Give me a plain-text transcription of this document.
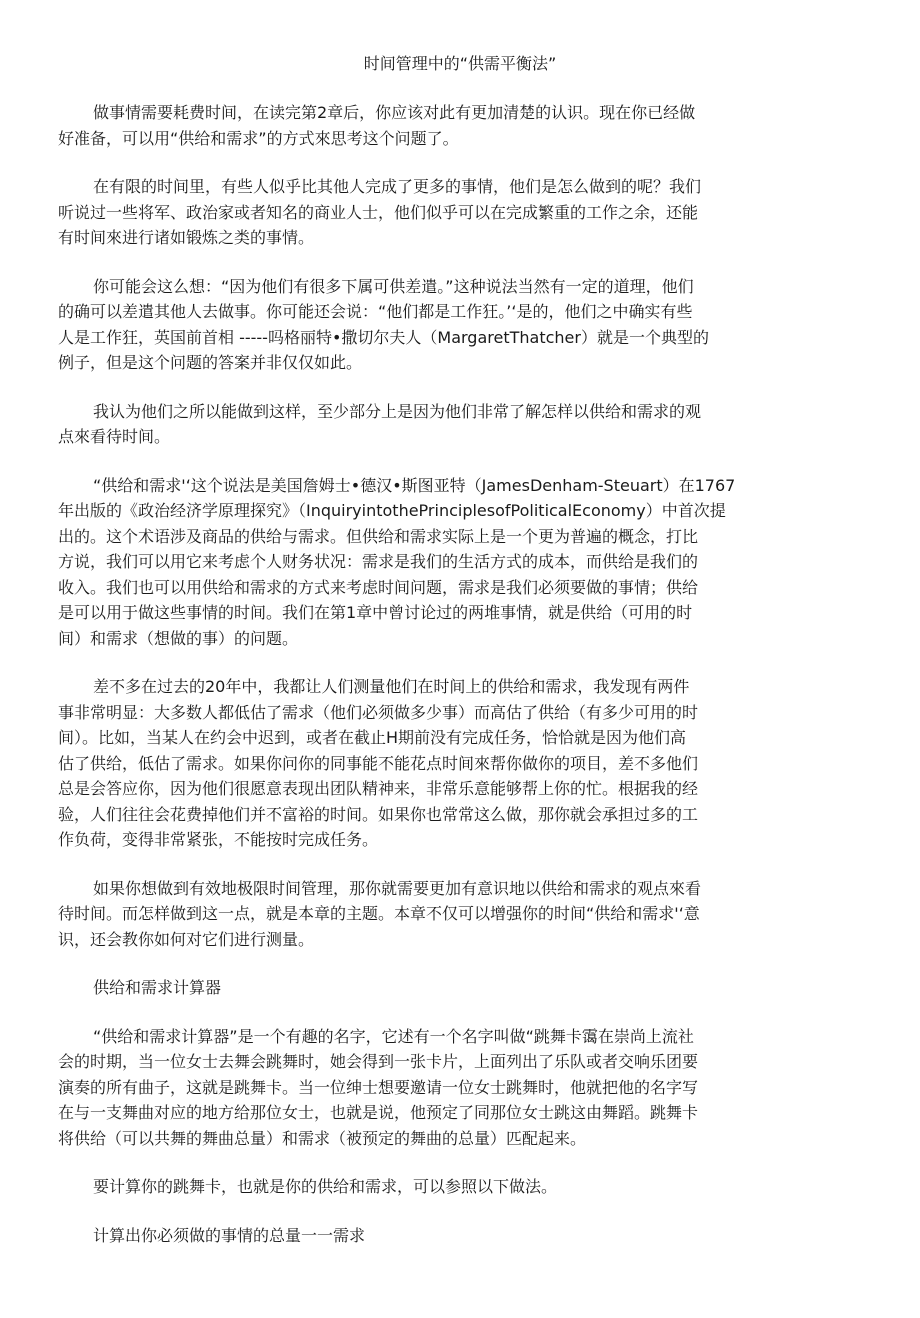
时间管理中的“供需平衡法”

做事情需要耗费时间，在读完第2章后，你应该对此有更加清楚的认识。现在你已经做
好准备，可以用“供给和需求”的方式來思考这个问题了。

在有限的时间里，有些人似乎比其他人完成了更多的事情，他们是怎么做到的呢？我们
听说过一些将军、政治家或者知名的商业人士，他们似乎可以在完成繁重的工作之余，还能
有时间來进行诸如锻炼之类的事情。

你可能会这么想：“因为他们有很多下属可供差遣。”这种说法当然有一定的道理，他们
的确可以差遣其他人去做事。你可能还会说：“他们都是工作狂。’‘是的，他们之中确实有些
人是工作狂，英国前首相 -----吗格丽特•撒切尔夫人（MargaretThatcher）就是一个典型的
例子，但是这个问题的答案并非仅仅如此。

我认为他们之所以能做到这样，至少部分上是因为他们非常了解怎样以供给和需求的观
点來看待时间。

“供给和需求'‘这个说法是美国詹姆士•德汉•斯图亚特（JamesDenham-Steuart）在1767
年出版的《政治经济学原理探究》（InquiryintothePrinciplesofPoliticalEconomy）中首次提
出的。这个术语涉及商品的供给与需求。但供给和需求实际上是一个更为普遍的概念，打比
方说，我们可以用它来考虑个人财务状况：需求是我们的生活方式的成本，而供给是我们的
收入。我们也可以用供给和需求的方式来考虑时间问题，需求是我们必须要做的事情；供给
是可以用于做这些事情的时间。我们在第1章中曾讨论过的两堆事情，就是供给（可用的时
间）和需求（想做的事）的问题。

差不多在过去的20年中，我都让人们测量他们在时间上的供给和需求，我发现有两件
事非常明显：大多数人都低估了需求（他们必须做多少事）而高估了供给（有多少可用的时
间）。比如，当某人在约会中迟到，或者在截止H期前没有完成任务，恰恰就是因为他们高
估了供给，低估了需求。如果你问你的同事能不能花点时间來帮你做你的项目，差不多他们
总是会答应你，因为他们很愿意表现出团队精神来，非常乐意能够帮上你的忙。根据我的经
验，人们往往会花费掉他们并不富裕的时间。如果你也常常这么做，那你就会承担过多的工
作负荷，变得非常紧张，不能按时完成任务。

如果你想做到有效地极限时间管理，那你就需要更加有意识地以供给和需求的观点來看
待时间。而怎样做到这一点，就是本章的主题。本章不仅可以增强你的时间“供给和需求'‘意
识，还会教你如何对它们进行测量。

供给和需求计算器

“供给和需求计算器”是一个有趣的名字，它述有一个名字叫做“跳舞卡霭在崇尚上流社
会的时期，当一位女士去舞会跳舞时，她会得到一张卡片，上面列出了乐队或者交响乐团要
演奏的所有曲子，这就是跳舞卡。当一位绅士想要邀请一位女士跳舞时，他就把他的名字写
在与一支舞曲对应的地方给那位女士，也就是说，他预定了同那位女士跳这由舞蹈。跳舞卡
将供给（可以共舞的舞曲总量）和需求（被预定的舞曲的总量）匹配起来。

要计算你的跳舞卡，也就是你的供给和需求，可以参照以下做法。

计算出你必须做的事情的总量一一需求
